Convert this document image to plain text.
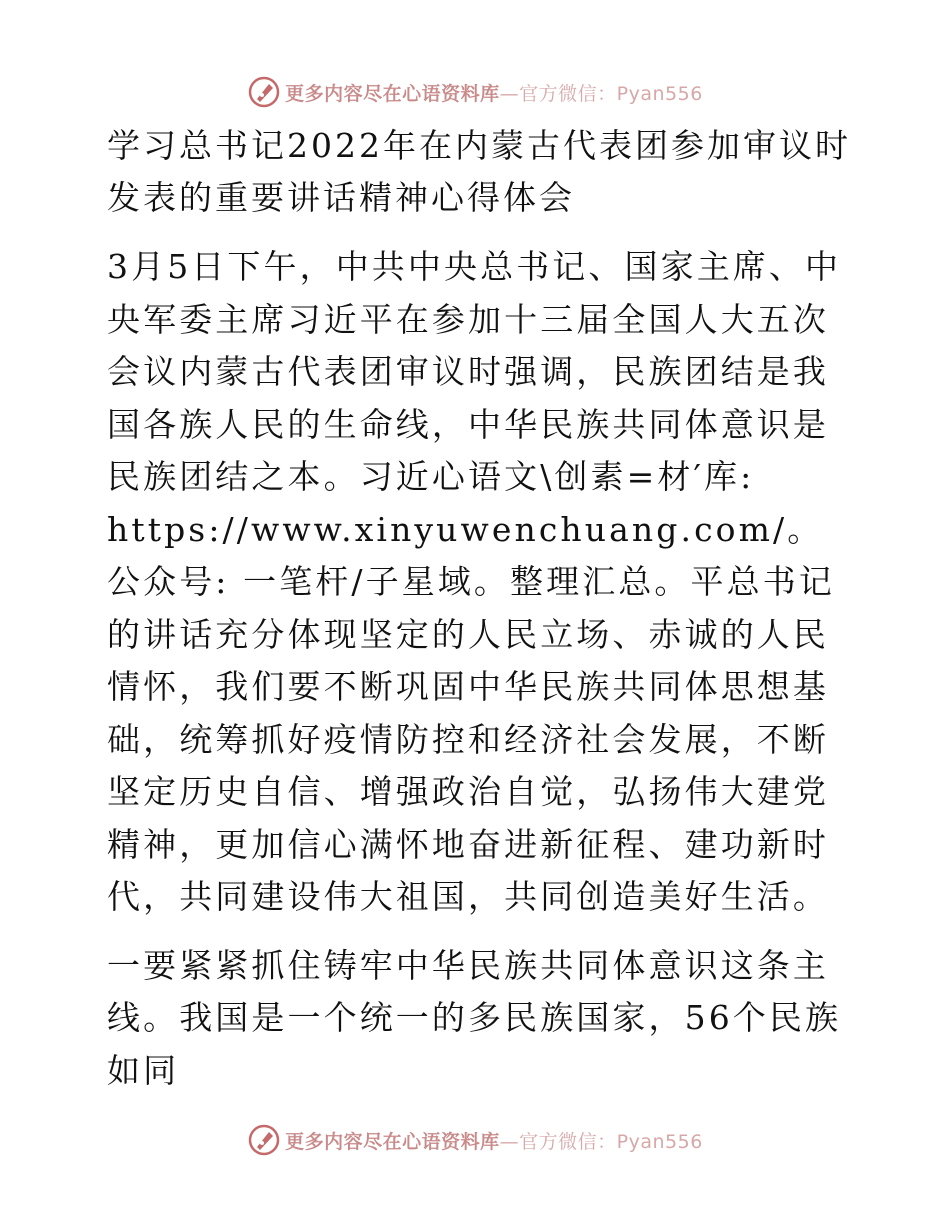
更多内容尽在心语资料库—官方微信：Pyan556
学习总书记2022年在内蒙古代表团参加审议时发表的重要讲话精神心得体会

3月5日下午，中共中央总书记、国家主席、中央军委主席习近平在参加十三届全国人大五次会议内蒙古代表团审议时强调，民族团结是我国各族人民的生命线，中华民族共同体意识是民族团结之本。习近心语文\创素=材′库: https://www.xinyuwenchuang.com/。公众号: 一笔杆/子星域。整理汇总。平总书记的讲话充分体现坚定的人民立场、赤诚的人民情怀，我们要不断巩固中华民族共同体思想基础，统筹抓好疫情防控和经济社会发展，不断坚定历史自信、增强政治自觉，弘扬伟大建党精神，更加信心满怀地奋进新征程、建功新时代，共同建设伟大祖国，共同创造美好生活。

一要紧紧抓住铸牢中华民族共同体意识这条主线。我国是一个统一的多民族国家，56个民族如同

更多内容尽在心语资料库—官方微信：Pyan556
